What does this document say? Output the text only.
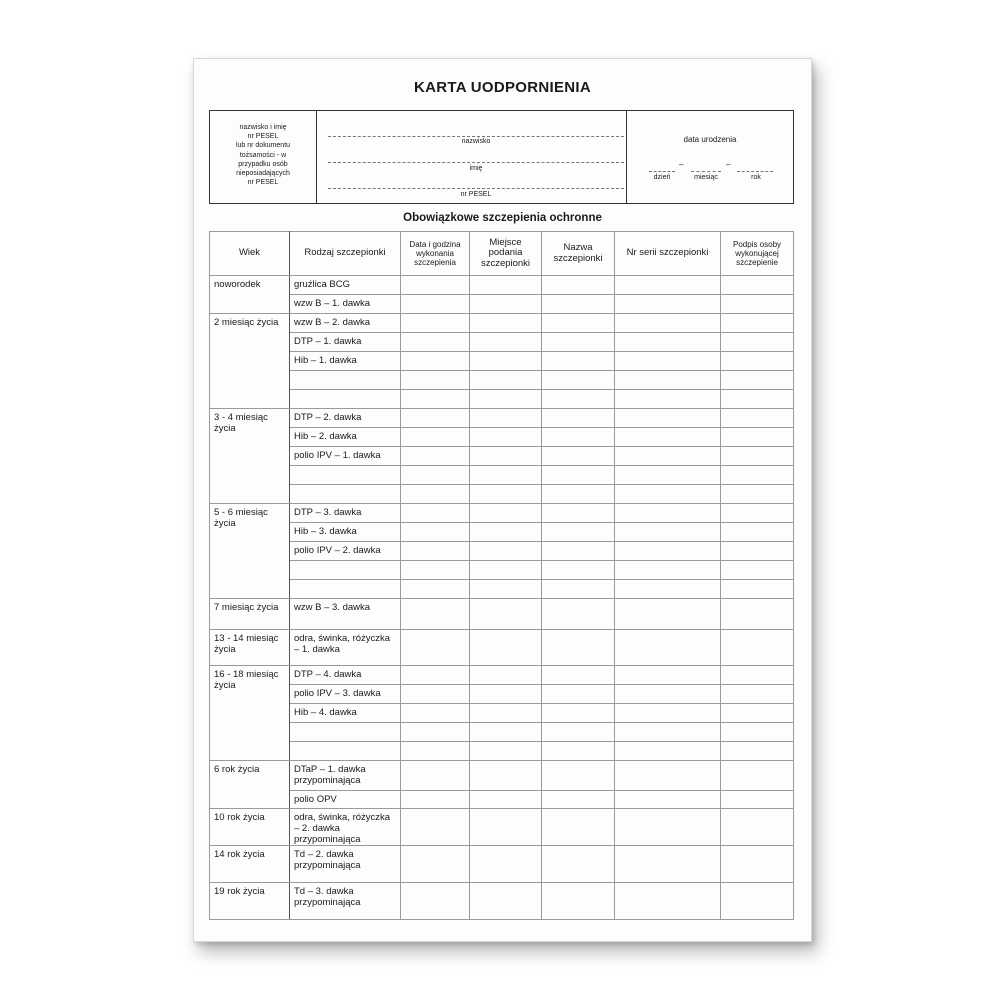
KARTA UODPORNIENIA
nazwisko i imię
nr PESEL
lub nr dokumentu
tożsamości - w
przypadku osób
nieposiadających
nr PESEL
nazwisko
imię
nr PESEL
data urodzenia
–	–
dzień	miesiąc	rok
Obowiązkowe szczepienia ochronne
Wiek	Rodzaj szczepionki	Data i godzina wykonania szczepienia	Miejsce podania szczepionki	Nazwa szczepionki	Nr serii szczepionki	Podpis osoby wykonującej szczepienie
noworodek	gruźlica BCG					
	wzw B – 1. dawka					
2 miesiąc życia	wzw B – 2. dawka					
	DTP – 1. dawka					
	Hib – 1. dawka					

3 - 4 miesiąc życia	DTP – 2. dawka					
	Hib – 2. dawka					
	polio IPV – 1. dawka					

5 - 6 miesiąc życia	DTP – 3. dawka					
	Hib – 3. dawka					
	polio IPV – 2. dawka					

7 miesiąc życia	wzw B – 3. dawka					
13 - 14 miesiąc życia	odra, świnka, różyczka – 1. dawka					
16 - 18 miesiąc życia	DTP – 4. dawka					
	polio IPV – 3. dawka					
	Hib – 4. dawka					

6 rok życia	DTaP – 1. dawka przypominająca					
	polio OPV					
10 rok życia	odra, świnka, różyczka – 2. dawka przypominająca					
14 rok życia	Td – 2. dawka przypominająca					
19 rok życia	Td – 3. dawka przypominająca					
